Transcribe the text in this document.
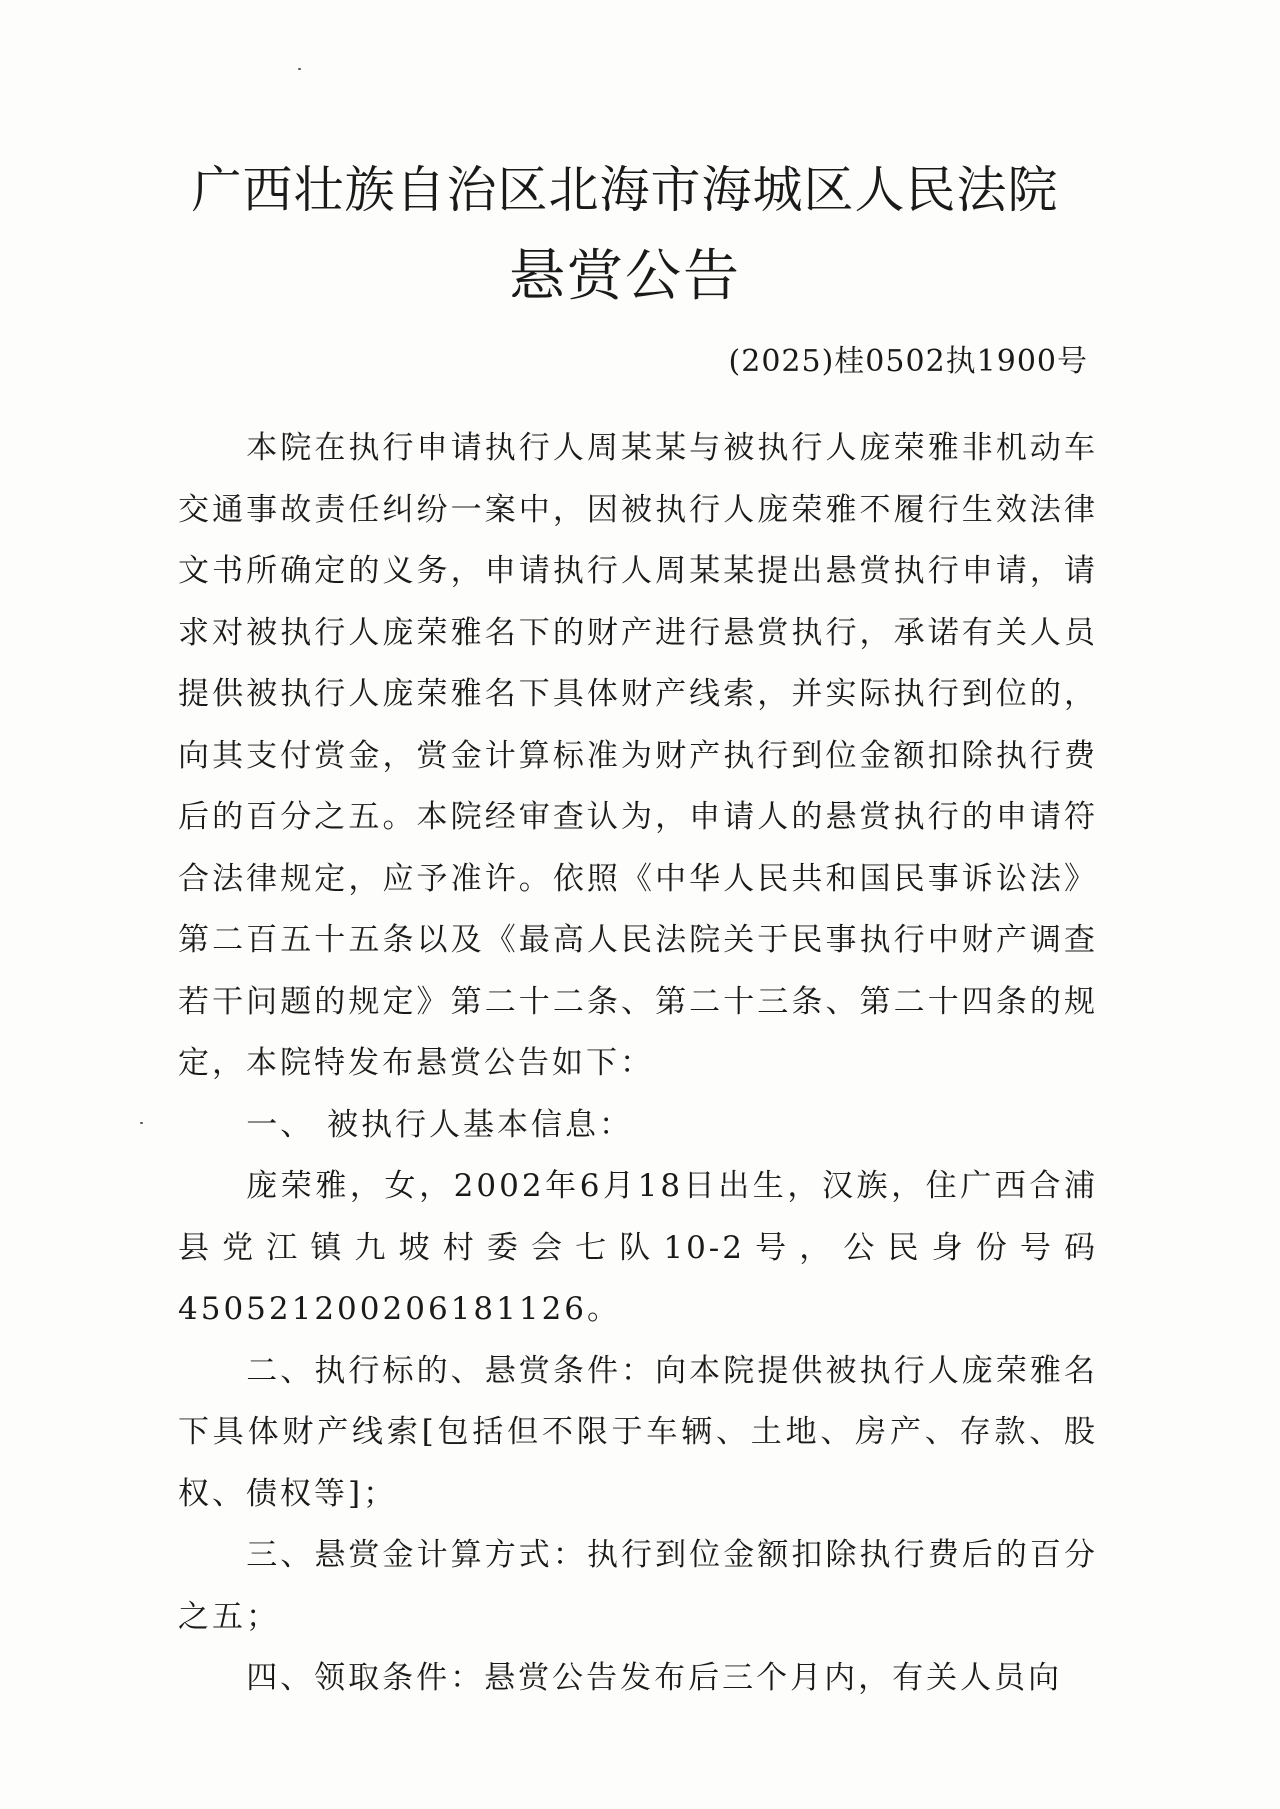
广西壮族自治区北海市海城区人民法院
悬赏公告
(2025)桂0502执1900号

本院在执行申请执行人周某某与被执行人庞荣雅非机动车交通事故责任纠纷一案中，因被执行人庞荣雅不履行生效法律文书所确定的义务，申请执行人周某某提出悬赏执行申请，请求对被执行人庞荣雅名下的财产进行悬赏执行，承诺有关人员提供被执行人庞荣雅名下具体财产线索，并实际执行到位的，向其支付赏金，赏金计算标准为财产执行到位金额扣除执行费后的百分之五。本院经审查认为，申请人的悬赏执行的申请符合法律规定，应予准许。依照《中华人民共和国民事诉讼法》第二百五十五条以及《最高人民法院关于民事执行中财产调查若干问题的规定》第二十二条、第二十三条、第二十四条的规定，本院特发布悬赏公告如下：

一、 被执行人基本信息：

庞荣雅，女，2002年6月18日出生，汉族，住广西合浦县党江镇九坡村委会七队10-2号，公民身份号码450521200206181126。

二、执行标的、悬赏条件：向本院提供被执行人庞荣雅名下具体财产线索[包括但不限于车辆、土地、房产、存款、股权、债权等]；

三、悬赏金计算方式：执行到位金额扣除执行费后的百分之五；

四、领取条件：悬赏公告发布后三个月内，有关人员向
